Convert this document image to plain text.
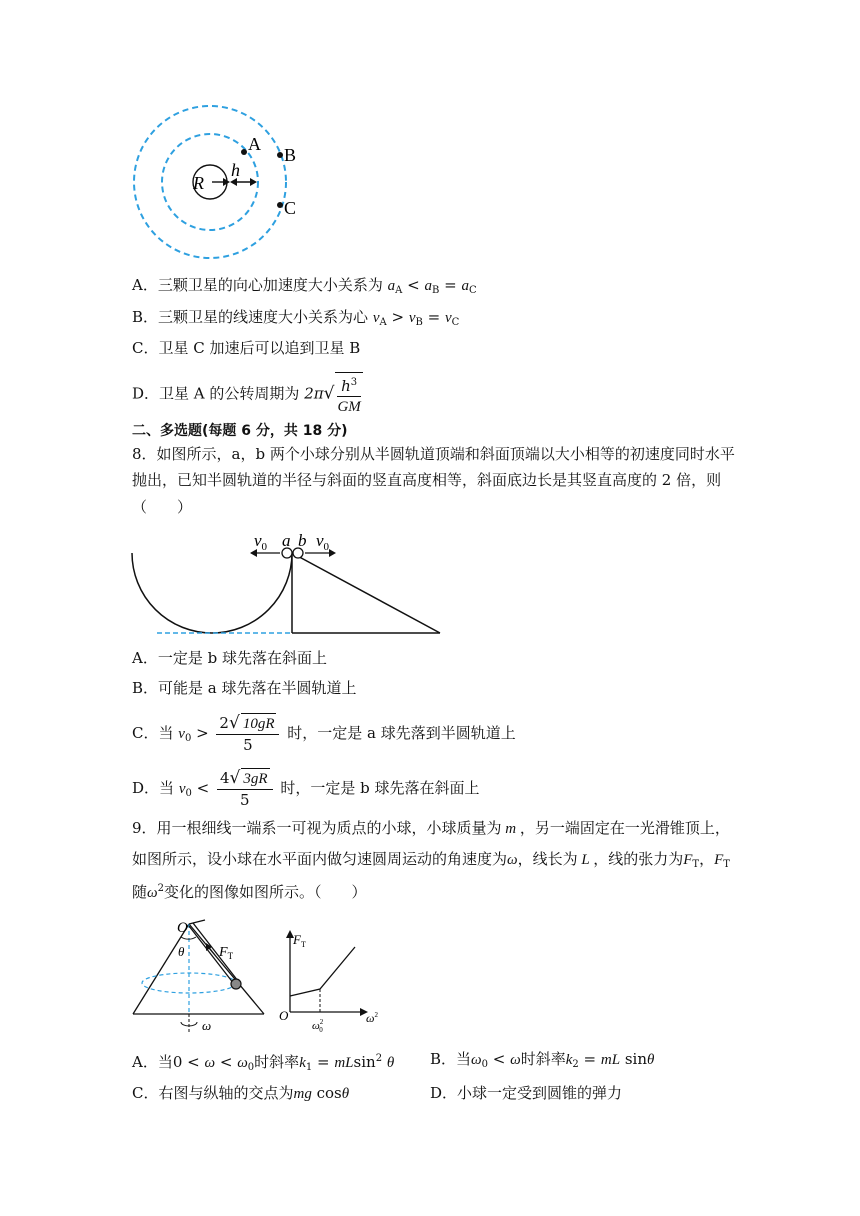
R
h
A
B
C
A．三颗卫星的向心加速度大小关系为 $a_A < a_B = a_C$
B．三颗卫星的线速度大小关系为心 $v_A > v_B = v_C$
C．卫星 C 加速后可以追到卫星 B
D．卫星 A 的公转周期为 $2\pi√ \frac{h^3}{GM}$
二、多选题(每题 6 分，共 18 分)
8．如图所示，a，b 两个小球分别从半圆轨道顶端和斜面顶端以大小相等的初速度同时水平
抛出，已知半圆轨道的半径与斜面的竖直高度相等，斜面底边长是其竖直高度的 2 倍，则
（　　）
$v_0$ a b $v_0$
A．一定是 b 球先落在斜面上
B．可能是 a 球先落在半圆轨道上
C．当 $v_0 > \frac{2√ 10gR}{5}$ 时，一定是 a 球先落到半圆轨道上
D．当 $v_0 < \frac{4√ 3gR}{5}$ 时，一定是 b 球先落在斜面上
9．用一根细线一端系一可视为质点的小球，小球质量为 m ，另一端固定在一光滑锥顶上，
如图所示，设小球在水平面内做匀速圆周运动的角速度为ω，线长为 L ，线的张力为$F_T$，$F_T$
随$\omega^2$变化的图像如图所示。（　　）
O
θ $F_T$
ω
$F_T$
O
$\omega^2$ 0
$\omega^2$
A．当$0 < \omega < \omega_0$时斜率$k_1 = mLsin^2$ θ B．当$\omega_0 < \omega$时斜率$k_2$ = mL sinθ
C．右图与纵轴的交点为mg cosθ	D．小球一定受到圆锥的弹力
